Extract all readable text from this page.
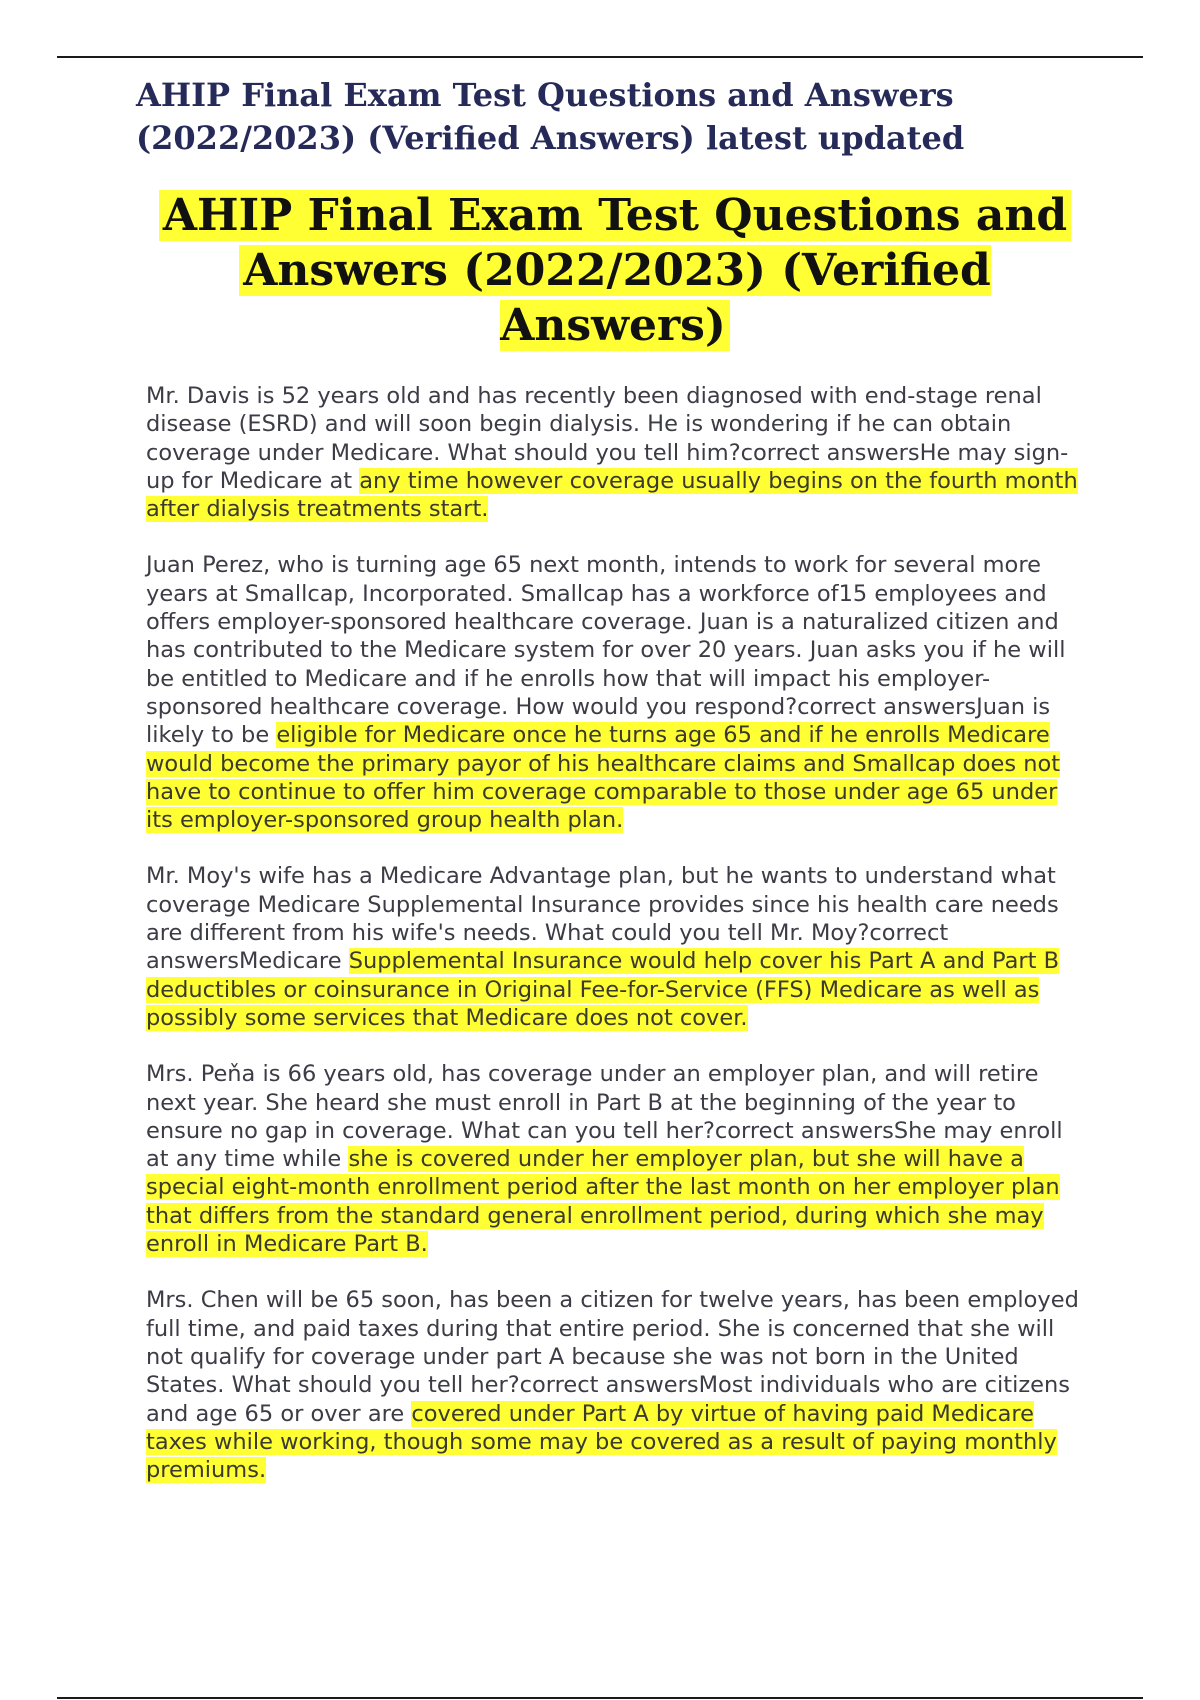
AHIP Final Exam Test Questions and Answers (2022/2023) (Verified Answers) latest updated
AHIP Final Exam Test Questions and
Answers (2022/2023) (Verified Answers)

Mr. Davis is 52 years old and has recently been diagnosed with end-stage renal disease (ESRD) and will soon begin dialysis. He is wondering if he can obtain coverage under Medicare. What should you tell him?correct answersHe may sign-up for Medicare at any time however coverage usually begins on the fourth month after dialysis treatments start.

Juan Perez, who is turning age 65 next month, intends to work for several more years at Smallcap, Incorporated. Smallcap has a workforce of15 employees and offers employer-sponsored healthcare coverage. Juan is a naturalized citizen and has contributed to the Medicare system for over 20 years. Juan asks you if he will be entitled to Medicare and if he enrolls how that will impact his employer-sponsored healthcare coverage. How would you respond?correct answersJuan is likely to be eligible for Medicare once he turns age 65 and if he enrolls Medicare would become the primary payor of his healthcare claims and Smallcap does not have to continue to offer him coverage comparable to those under age 65 under its employer-sponsored group health plan.

Mr. Moy's wife has a Medicare Advantage plan, but he wants to understand what coverage Medicare Supplemental Insurance provides since his health care needs are different from his wife's needs. What could you tell Mr. Moy?correct answersMedicare Supplemental Insurance would help cover his Part A and Part B deductibles or coinsurance in Original Fee-for-Service (FFS) Medicare as well as possibly some services that Medicare does not cover.

Mrs. Peňa is 66 years old, has coverage under an employer plan, and will retire next year. She heard she must enroll in Part B at the beginning of the year to ensure no gap in coverage. What can you tell her?correct answersShe may enroll at any time while she is covered under her employer plan, but she will have a special eight-month enrollment period after the last month on her employer plan that differs from the standard general enrollment period, during which she may enroll in Medicare Part B.

Mrs. Chen will be 65 soon, has been a citizen for twelve years, has been employed full time, and paid taxes during that entire period. She is concerned that she will not qualify for coverage under part A because she was not born in the United States. What should you tell her?correct answersMost individuals who are citizens and age 65 or over are covered under Part A by virtue of having paid Medicare taxes while working, though some may be covered as a result of paying monthly premiums.
